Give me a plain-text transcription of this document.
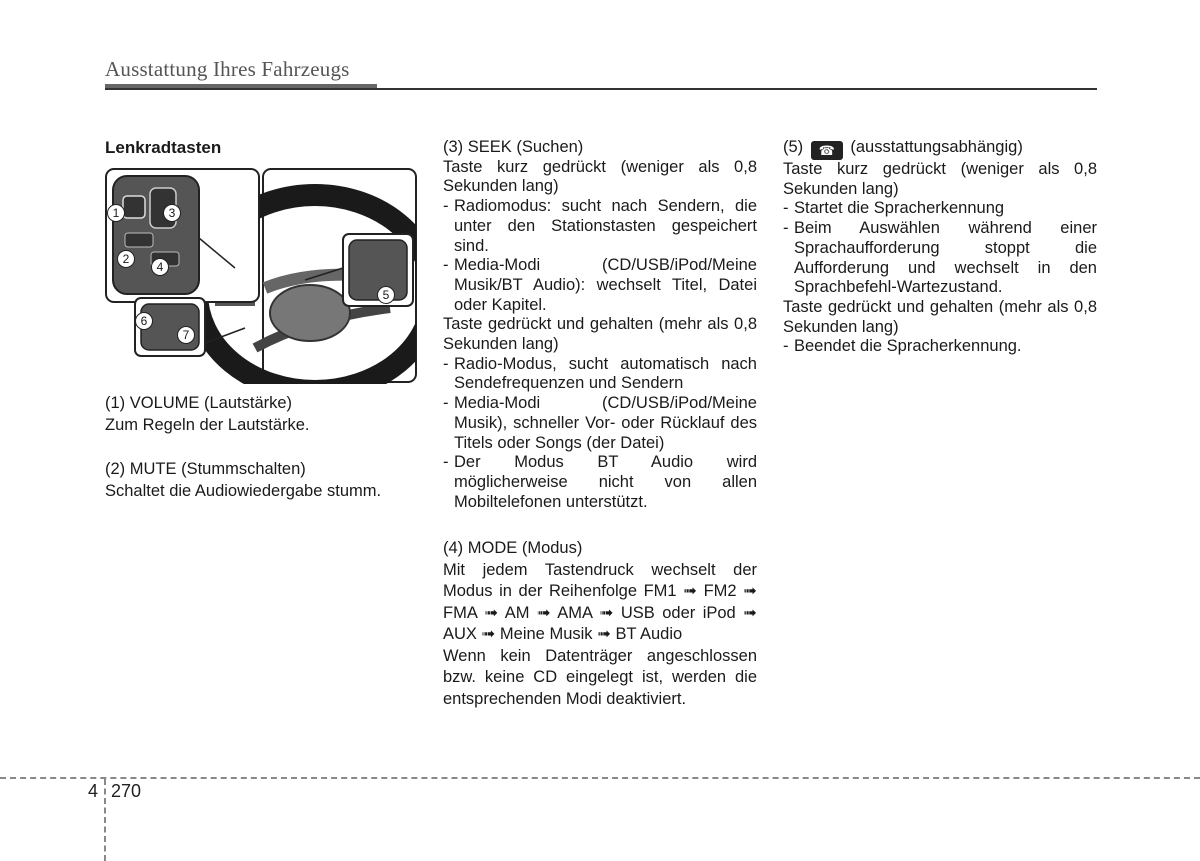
Ausstattung Ihres Fahrzeugs
Lenkradtasten
1
2
3
4
5
6
7

(1) VOLUME (Lautstärke)

Zum Regeln der Lautstärke.

(2) MUTE (Stummschalten)

Schaltet die Audiowiedergabe stumm.

(3) SEEK (Suchen)

Taste kurz gedrückt (weniger als 0,8 Sekunden lang)

- Radiomodus: sucht nach Sendern, die unter den Stationstasten gespeichert sind.
- Media-Modi (CD/USB/iPod/Meine Musik/BT Audio): wechselt Titel, Datei oder Kapitel.

Taste gedrückt und gehalten (mehr als 0,8 Sekunden lang)

- Radio-Modus, sucht automatisch nach Sendefrequenzen und Sendern
- Media-Modi (CD/USB/iPod/Meine Musik), schneller Vor- oder Rücklauf des Titels oder Songs (der Datei)
- Der Modus BT Audio wird möglicherweise nicht von allen Mobiltelefonen unterstützt.

(4) MODE (Modus)

Mit jedem Tastendruck wechselt der Modus in der Reihenfolge FM1 ➟ FM2 ➟ FMA ➟ AM ➟ AMA ➟ USB oder iPod ➟ AUX ➟ Meine Musik ➟ BT Audio

Wenn kein Datenträger angeschlossen bzw. keine CD eingelegt ist, werden die entsprechenden Modi deaktiviert.

(5) ☎ (ausstattungsabhängig)

Taste kurz gedrückt (weniger als 0,8 Sekunden lang)

- Startet die Spracherkennung
- Beim Auswählen während einer Sprachaufforderung stoppt die Aufforderung und wechselt in den Sprachbefehl-Wartezustand.

Taste gedrückt und gehalten (mehr als 0,8 Sekunden lang)

- Beendet die Spracherkennung.
4 270
